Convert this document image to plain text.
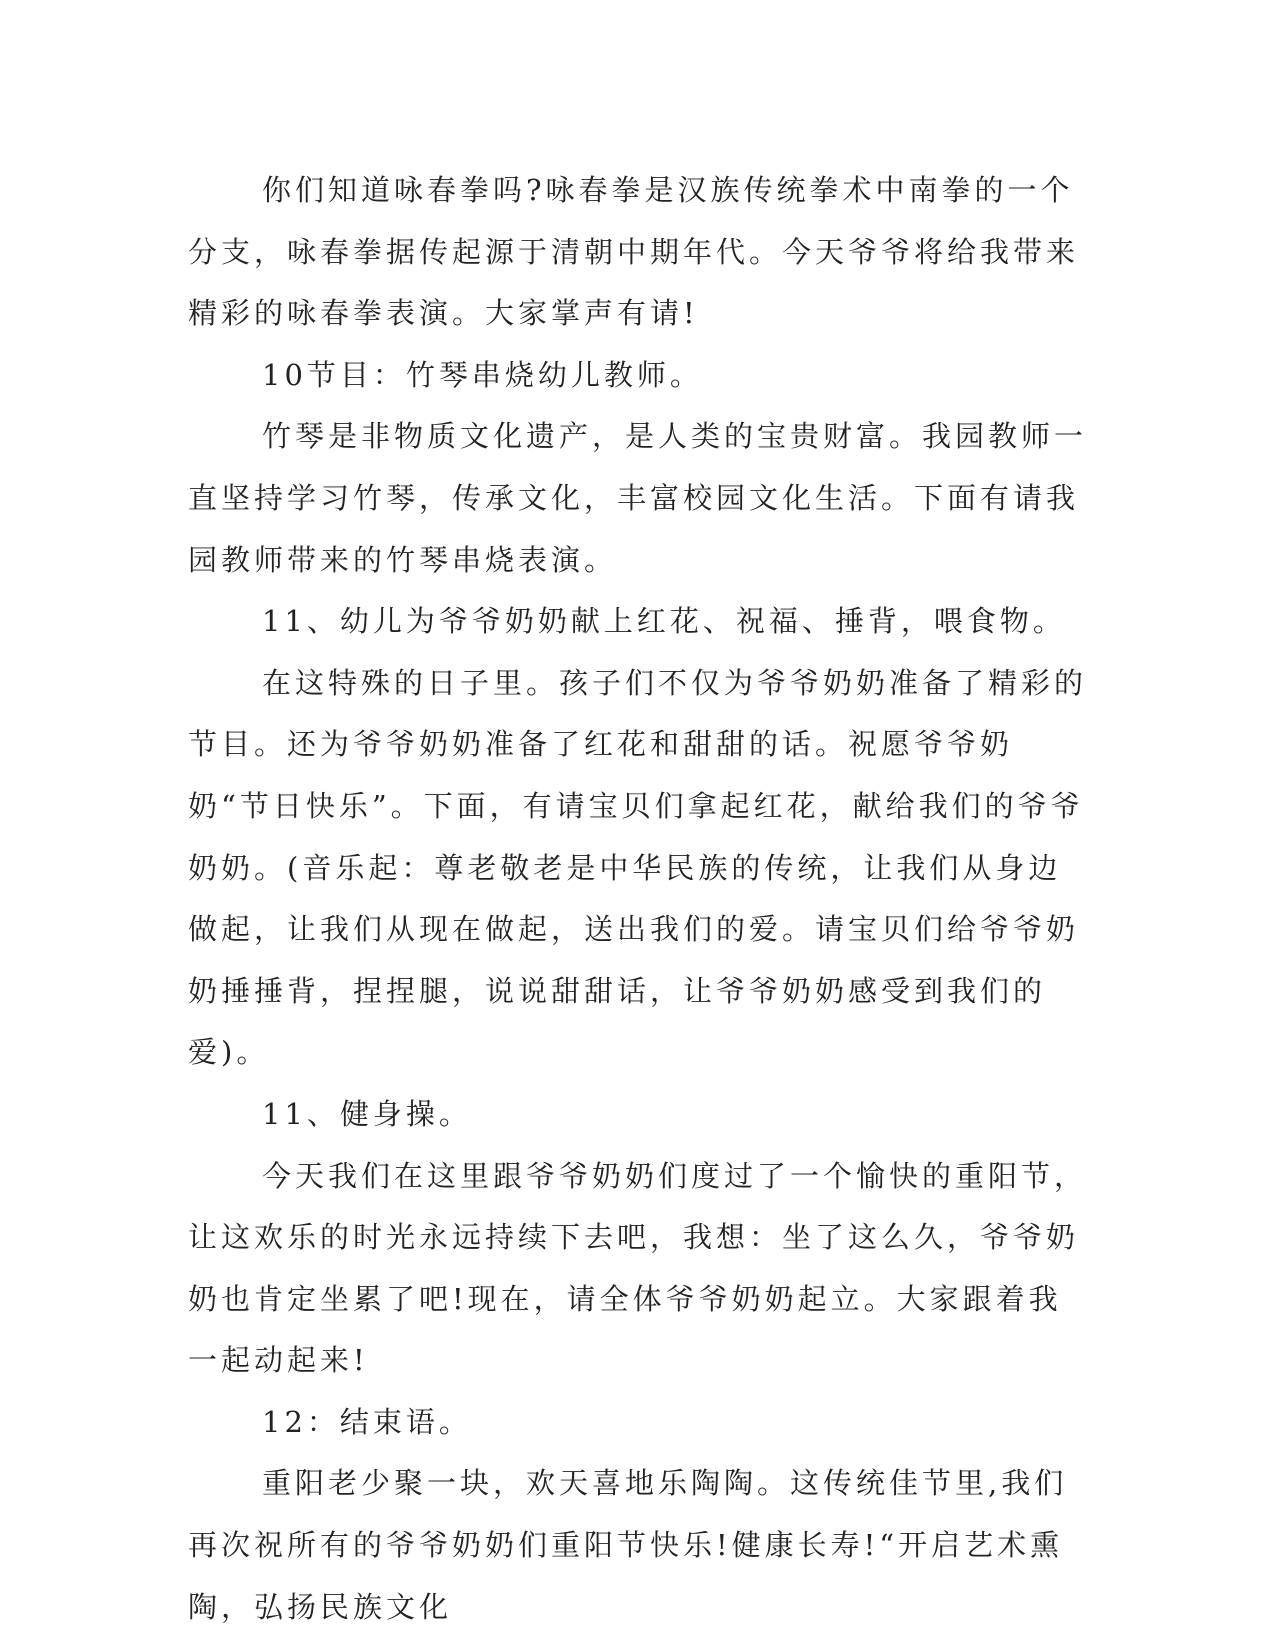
你们知道咏春拳吗?咏春拳是汉族传统拳术中南拳的一个分支，咏春拳据传起源于清朝中期年代。今天爷爷将给我带来精彩的咏春拳表演。大家掌声有请!

10节目：竹琴串烧幼儿教师。

竹琴是非物质文化遗产，是人类的宝贵财富。我园教师一直坚持学习竹琴，传承文化，丰富校园文化生活。下面有请我园教师带来的竹琴串烧表演。

11、幼儿为爷爷奶奶献上红花、祝福、捶背，喂食物。

在这特殊的日子里。孩子们不仅为爷爷奶奶准备了精彩的节目。还为爷爷奶奶准备了红花和甜甜的话。祝愿爷爷奶奶“节日快乐”。下面，有请宝贝们拿起红花，献给我们的爷爷奶奶。(音乐起：尊老敬老是中华民族的传统，让我们从身边做起，让我们从现在做起，送出我们的爱。请宝贝们给爷爷奶奶捶捶背，捏捏腿，说说甜甜话，让爷爷奶奶感受到我们的爱)。

11、健身操。

今天我们在这里跟爷爷奶奶们度过了一个愉快的重阳节，让这欢乐的时光永远持续下去吧，我想：坐了这么久，爷爷奶奶也肯定坐累了吧!现在，请全体爷爷奶奶起立。大家跟着我一起动起来!

12：结束语。

重阳老少聚一块，欢天喜地乐陶陶。这传统佳节里,我们再次祝所有的爷爷奶奶们重阳节快乐!健康长寿!“开启艺术熏陶，弘扬民族文化
